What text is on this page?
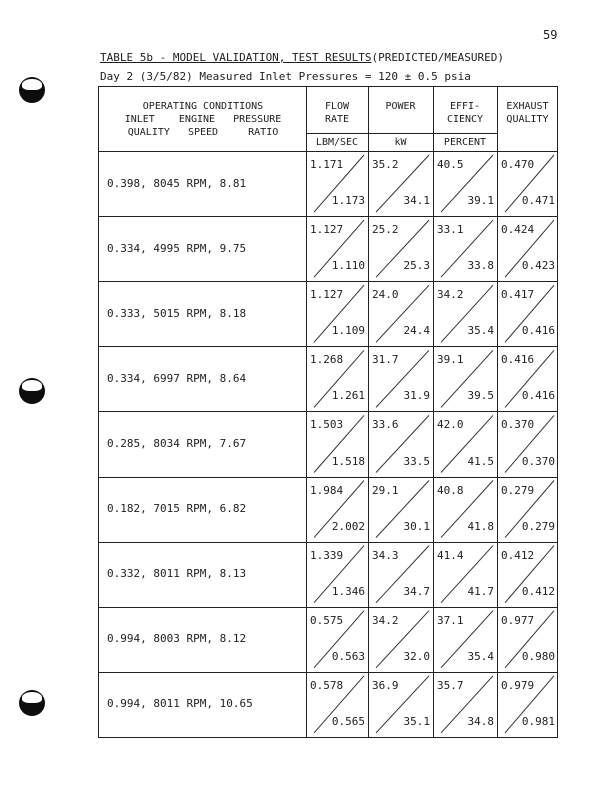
59
TABLE 5b - MODEL VALIDATION, TEST RESULTS(PREDICTED/MEASURED)
Day 2 (3/5/82) Measured Inlet Pressures = 120 ± 0.5 psia
OPERATING CONDITIONS
INLET    ENGINE   PRESSURE
QUALITY   SPEED     RATIO
FLOW
RATE
LBM/SEC
POWER
kW
EFFI-
CIENCY
PERCENT
EXHAUST
QUALITY
0.398, 8045 RPM, 8.81
1.171
1.173
35.2
34.1
40.5
39.1
0.470
0.471
0.334, 4995 RPM, 9.75
1.127
1.110
25.2
25.3
33.1
33.8
0.424
0.423
0.333, 5015 RPM, 8.18
1.127
1.109
24.0
24.4
34.2
35.4
0.417
0.416
0.334, 6997 RPM, 8.64
1.268
1.261
31.7
31.9
39.1
39.5
0.416
0.416
0.285, 8034 RPM, 7.67
1.503
1.518
33.6
33.5
42.0
41.5
0.370
0.370
0.182, 7015 RPM, 6.82
1.984
2.002
29.1
30.1
40.8
41.8
0.279
0.279
0.332, 8011 RPM, 8.13
1.339
1.346
34.3
34.7
41.4
41.7
0.412
0.412
0.994, 8003 RPM, 8.12
0.575
0.563
34.2
32.0
37.1
35.4
0.977
0.980
0.994, 8011 RPM, 10.65
0.578
0.565
36.9
35.1
35.7
34.8
0.979
0.981
